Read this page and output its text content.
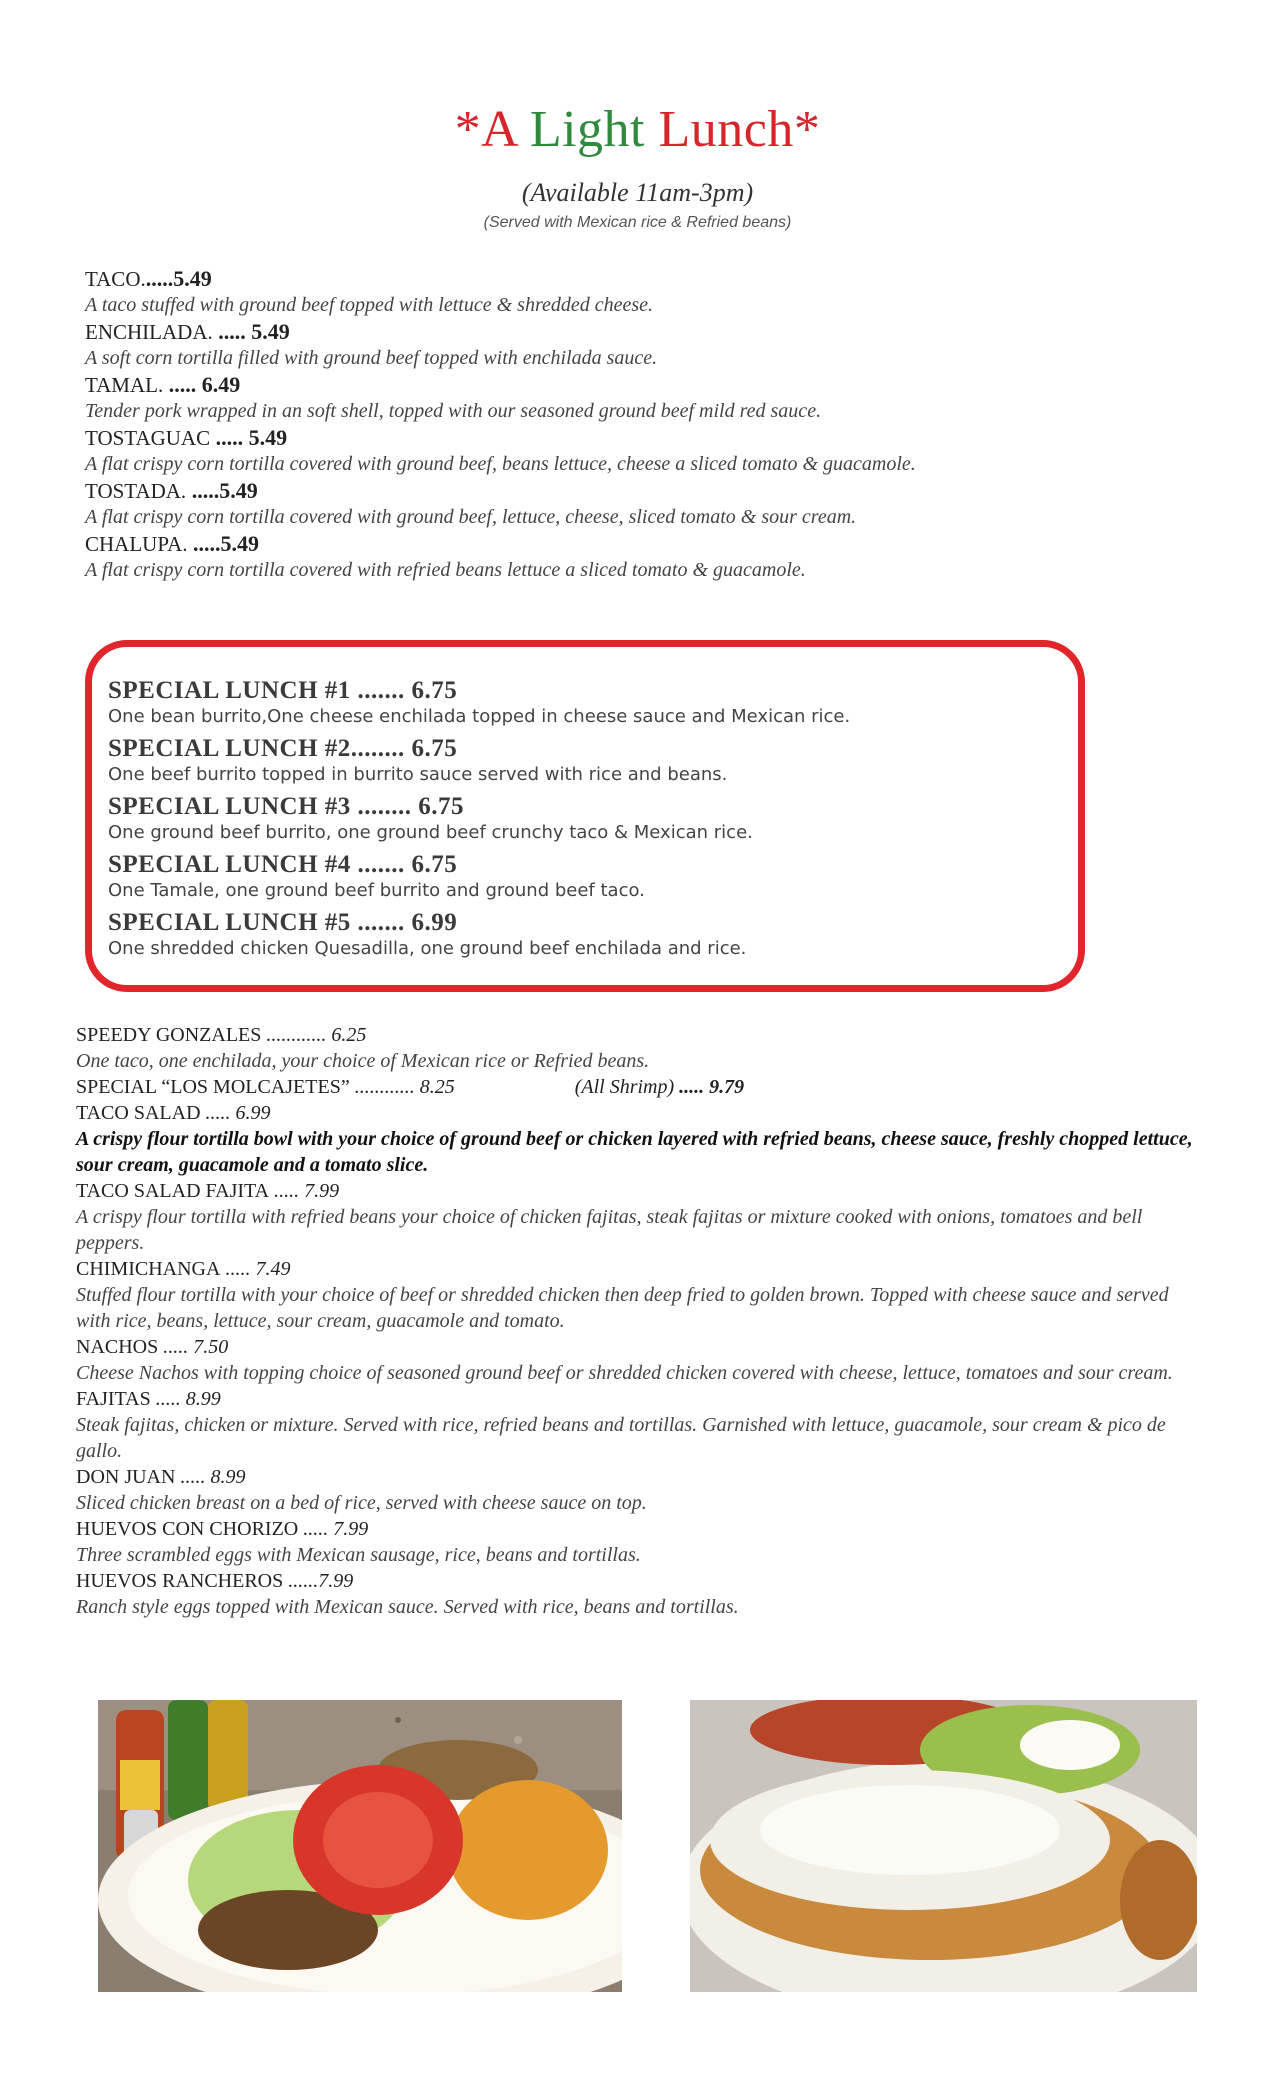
*A Light Lunch*
(Available 11am-3pm)
(Served with Mexican rice & Refried beans)
TACO......5.49
A taco stuffed with ground beef topped with lettuce & shredded cheese.
ENCHILADA. ..... 5.49
A soft corn tortilla filled with ground beef topped with enchilada sauce.
TAMAL. ..... 6.49
Tender pork wrapped in an soft shell, topped with our seasoned ground beef mild red sauce.
TOSTAGUAC ..... 5.49
A flat crispy corn tortilla covered with ground beef, beans lettuce, cheese a sliced tomato & guacamole.
TOSTADA. .....5.49
A flat crispy corn tortilla covered with ground beef, lettuce, cheese, sliced tomato & sour cream.
CHALUPA. .....5.49
A flat crispy corn tortilla covered with refried beans lettuce a sliced tomato & guacamole.
SPECIAL LUNCH #1 ....... 6.75
One bean burrito,One cheese enchilada topped in cheese sauce and Mexican rice.
SPECIAL LUNCH #2........ 6.75
One beef burrito topped in burrito sauce served with rice and beans.
SPECIAL LUNCH #3 ........ 6.75
One ground beef burrito, one ground beef crunchy taco & Mexican rice.
SPECIAL LUNCH #4 ....... 6.75
One Tamale, one ground beef burrito and ground beef taco.
SPECIAL LUNCH #5 ....... 6.99
One shredded chicken Quesadilla, one ground beef enchilada and rice.
SPEEDY GONZALES ............ 6.25
One taco, one enchilada, your choice of Mexican rice or Refried beans.
SPECIAL “LOS MOLCAJETES” ............ 8.25	(All Shrimp) ..... 9.79
TACO SALAD ..... 6.99
A crispy flour tortilla bowl with your choice of ground beef or chicken layered with refried beans, cheese sauce, freshly chopped lettuce, sour cream, guacamole and a tomato slice.
TACO SALAD FAJITA ..... 7.99
A crispy flour tortilla with refried beans your choice of chicken fajitas, steak fajitas or mixture cooked with onions, tomatoes and bell peppers.
CHIMICHANGA ..... 7.49
Stuffed flour tortilla with your choice of beef or shredded chicken then deep fried to golden brown. Topped with cheese sauce and served with rice, beans, lettuce, sour cream, guacamole and tomato.
NACHOS ..... 7.50
Cheese Nachos with topping choice of seasoned ground beef or shredded chicken covered with cheese, lettuce, tomatoes and sour cream.
FAJITAS ..... 8.99
Steak fajitas, chicken or mixture. Served with rice, refried beans and tortillas. Garnished with lettuce, guacamole, sour cream & pico de gallo.
DON JUAN ..... 8.99
Sliced chicken breast on a bed of rice, served with cheese sauce on top.
HUEVOS CON CHORIZO ..... 7.99
Three scrambled eggs with Mexican sausage, rice, beans and tortillas.
HUEVOS RANCHEROS ......7.99
Ranch style eggs topped with Mexican sauce. Served with rice, beans and tortillas.
